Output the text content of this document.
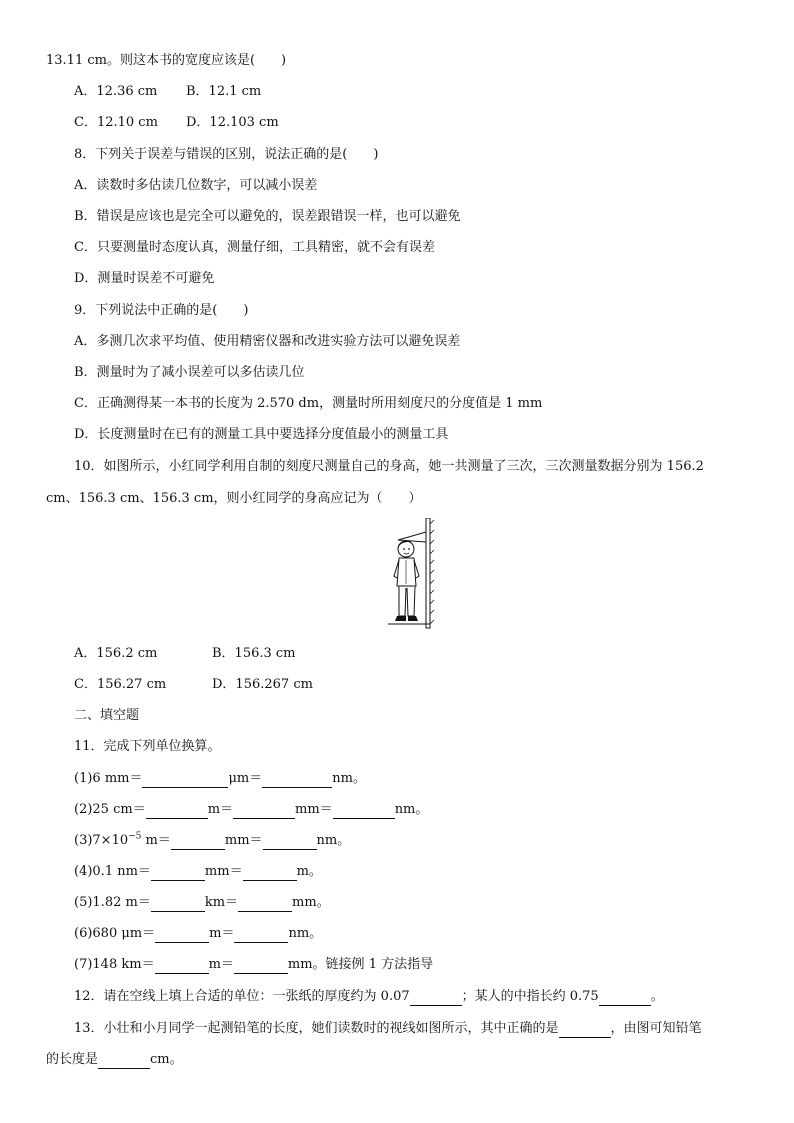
13.11 cm。则这本书的宽度应该是(　　)
A．12.36 cm B．12.1 cm
C．12.10 cm D．12.103 cm
8．下列关于误差与错误的区别，说法正确的是(　　)
A．读数时多估读几位数字，可以减小误差
B．错误是应该也是完全可以避免的，误差跟错误一样，也可以避免
C．只要测量时态度认真，测量仔细，工具精密，就不会有误差
D．测量时误差不可避免
9．下列说法中正确的是(　　)
A．多测几次求平均值、使用精密仪器和改进实验方法可以避免误差
B．测量时为了减小误差可以多估读几位
C．正确测得某一本书的长度为 2.570 dm，测量时所用刻度尺的分度值是 1 mm
D．长度测量时在已有的测量工具中要选择分度值最小的测量工具
10．如图所示，小红同学利用自制的刻度尺测量自己的身高，她一共测量了三次，三次测量数据分别为 156.2
cm、156.3 cm、156.3 cm，则小红同学的身高应记为（　　）
A．156.2 cm	B．156.3 cm
C．156.27 cm	D．156.267 cm
二、填空题
11．完成下列单位换算。
(1)6 mm＝	μm＝	nm。
(2)25 cm＝	m＝	mm＝	nm。
$(3)7\times 10^{-5}$ m＝	mm＝	nm。
(4)0.1 nm＝	mm＝	m。
(5)1.82 m＝	km＝	mm。
(6)680 μm＝	m＝	nm。
(7)148 km＝	m＝	mm。链接例 1 方法指导
12．请在空线上填上合适的单位：一张纸的厚度约为 0.07	；某人的中指长约 0.75	。
13．小壮和小月同学一起测铅笔的长度，她们读数时的视线如图所示，其中正确的是	，由图可知铅笔
的长度是	cm。
